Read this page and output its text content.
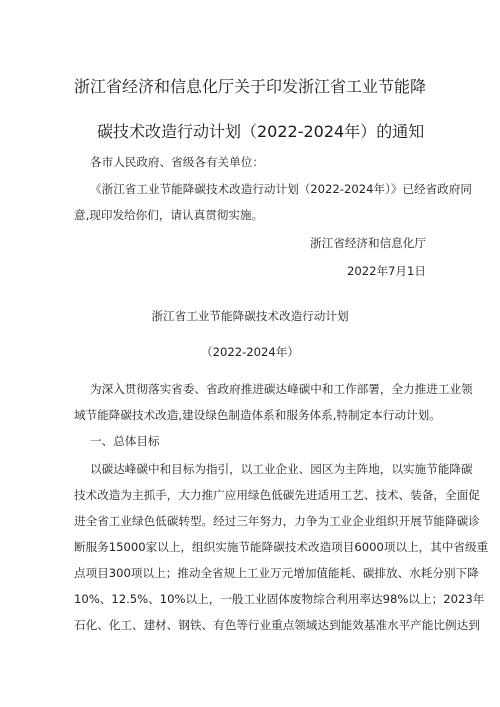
浙江省经济和信息化厅关于印发浙江省工业节能降
碳技术改造行动计划（2022-2024年）的通知
各市人民政府、省级各有关单位：
《浙江省工业节能降碳技术改造行动计划（2022-2024年）》已经省政府同
意,现印发给你们，请认真贯彻实施。
浙江省经济和信息化厅
2022年7月1日
浙江省工业节能降碳技术改造行动计划
（2022-2024年）
为深入贯彻落实省委、省政府推进碳达峰碳中和工作部署，全力推进工业领
域节能降碳技术改造,建设绿色制造体系和服务体系,特制定本行动计划。
一、总体目标
以碳达峰碳中和目标为指引，以工业企业、园区为主阵地，以实施节能降碳
技术改造为主抓手，大力推广应用绿色低碳先进适用工艺、技术、装备，全面促
进全省工业绿色低碳转型。经过三年努力，力争为工业企业组织开展节能降碳诊
断服务15000家以上，组织实施节能降碳技术改造项目6000项以上，其中省级重
点项目300项以上；推动全省规上工业万元增加值能耗、碳排放、水耗分别下降
10%、12.5%、10%以上，一般工业固体废物综合利用率达98%以上；2023年
石化、化工、建材、钢铁、有色等行业重点领域达到能效基准水平产能比例达到
